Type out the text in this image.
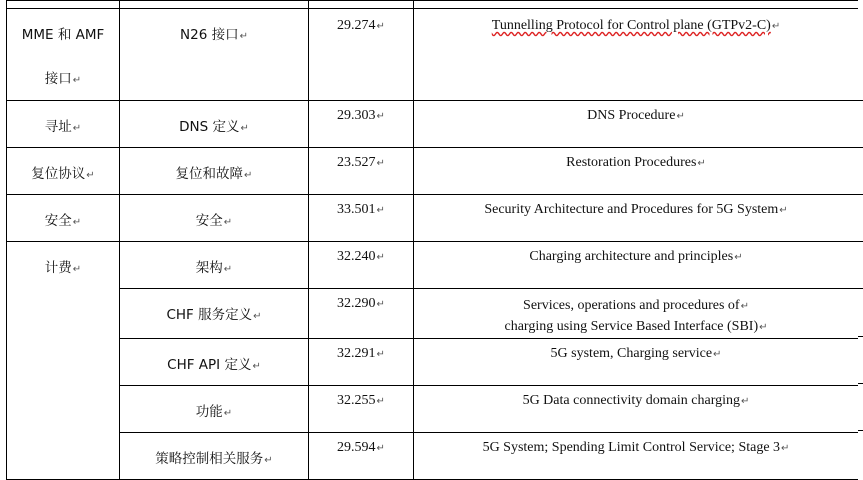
MME 和 AMF
接口↵	N26 接口↵	29.274↵	Tunnelling Protocol for Control plane (GTPv2-C)↵

寻址↵	DNS 定义↵	29.303↵	DNS Procedure↵

复位协议↵	复位和故障↵	23.527↵	Restoration Procedures↵

安全↵	安全↵	33.501↵	Security Architecture and Procedures for 5G System↵

计费↵	架构↵	32.240↵	Charging architecture and principles↵

	CHF 服务定义↵	32.290↵	Services, operations and procedures of↵
charging using Service Based Interface (SBI)↵

	CHF API 定义↵	32.291↵	5G system, Charging service↵

	功能↵	32.255↵	5G Data connectivity domain charging↵

	策略控制相关服务↵	29.594↵	5G System; Spending Limit Control Service; Stage 3↵
